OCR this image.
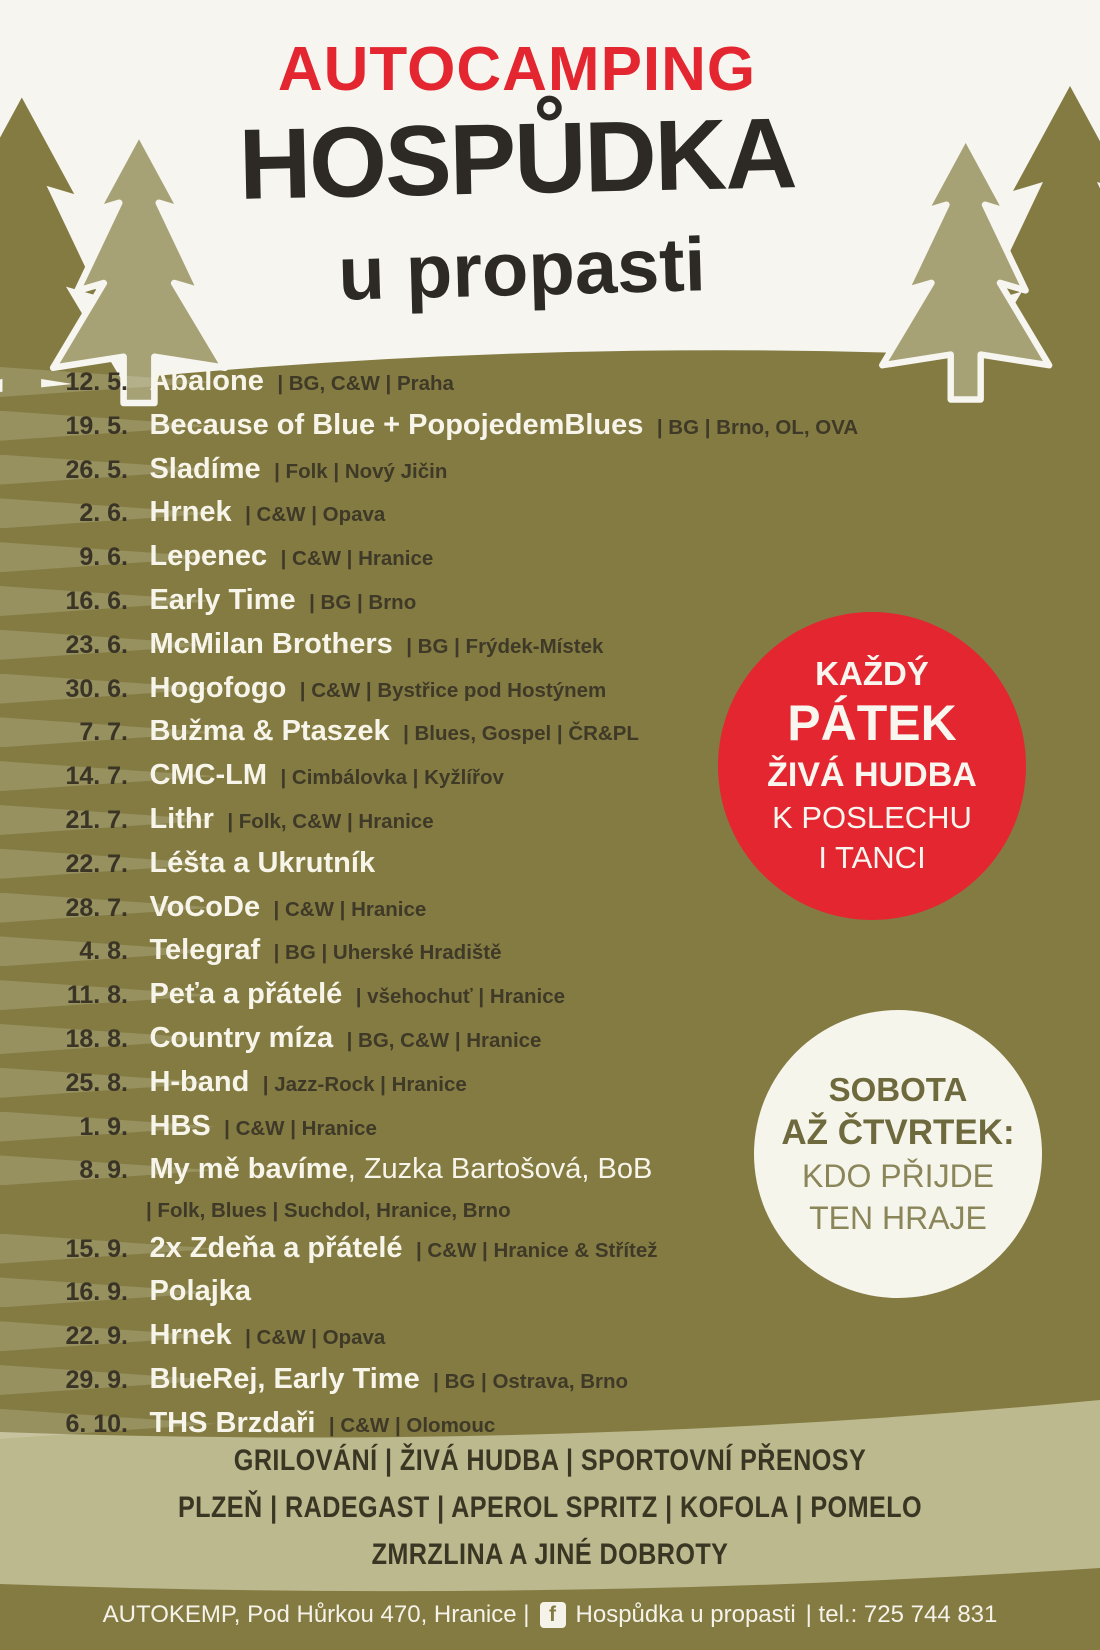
AUTOCAMPING
HOSPŮDKA
u propasti
12. 5. Abalone | BG, C&W | Praha
19. 5. Because of Blue + PopojedemBlues | BG | Brno, OL, OVA
26. 5. Sladíme | Folk | Nový Jičin
2. 6. Hrnek | C&W | Opava
9. 6. Lepenec | C&W | Hranice
16. 6. Early Time | BG | Brno
23. 6. McMilan Brothers | BG | Frýdek-Místek
30. 6. Hogofogo | C&W | Bystřice pod Hostýnem
7. 7. Bužma & Ptaszek | Blues, Gospel | ČR&PL
14. 7. CMC-LM | Cimbálovka | Kyžlířov
21. 7. Lithr | Folk, C&W | Hranice
22. 7. Léšta a Ukrutník
28. 7. VoCoDe | C&W | Hranice
4. 8. Telegraf | BG | Uherské Hradiště
11. 8. Peťa a přátelé | všehochuť | Hranice
18. 8. Country míza | BG, C&W | Hranice
25. 8. H-band | Jazz-Rock | Hranice
1. 9. HBS | C&W | Hranice
8. 9. My mě bavíme, Zuzka Bartošová, BoB
| Folk, Blues | Suchdol, Hranice, Brno
15. 9. 2x Zdeňa a přátelé | C&W | Hranice & Střítež
16. 9. Polajka
22. 9. Hrnek | C&W | Opava
29. 9. BlueRej, Early Time | BG | Ostrava, Brno
6. 10. THS Brzdaři | C&W | Olomouc
KAŽDÝ
PÁTEK
ŽIVÁ HUDBA
K POSLECHU
I TANCI
SOBOTA
AŽ ČTVRTEK:
KDO PŘIJDE
TEN HRAJE
GRILOVÁNÍ | ŽIVÁ HUDBA | SPORTOVNÍ PŘENOSY
PLZEŇ | RADEGAST | APEROL SPRITZ | KOFOLA | POMELO
ZMRZLINA A JINÉ DOBROTY
AUTOKEMP, Pod Hůrkou 470, Hranice | f Hospůdka u propasti | tel.: 725 744 831
